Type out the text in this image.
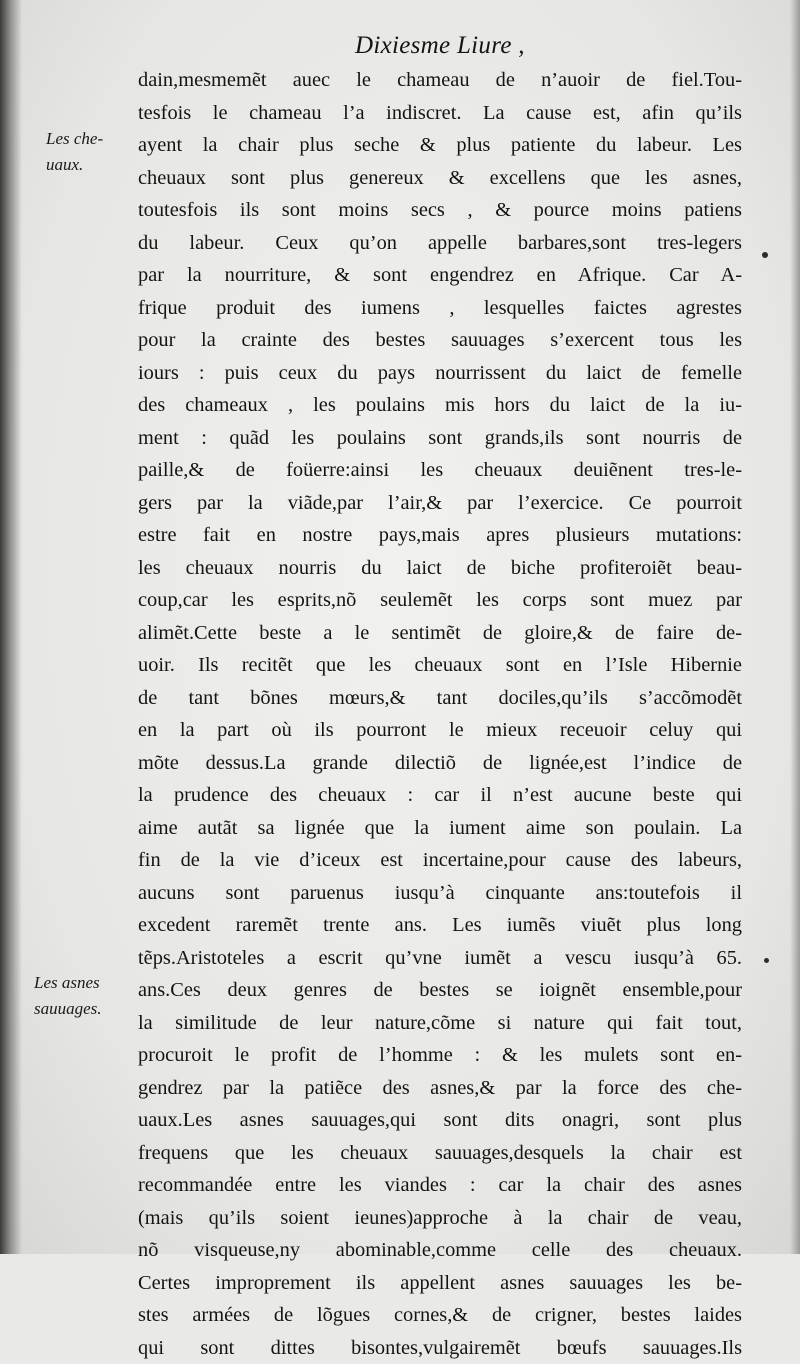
Dixiesme Liure ,
Les che-
uaux.
Les asnes
sauuages.
dain,mesmemẽt auec le chameau de n’auoir de fiel.Tou-
tesfois le chameau l’a indiscret. La cause est, afin qu’ils
ayent la chair plus seche & plus patiente du labeur. Les
cheuaux sont plus genereux & excellens que les asnes,
toutesfois ils sont moins secs , & pource moins patiens
du labeur. Ceux qu’on appelle barbares,sont tres-legers
par la nourriture, & sont engendrez en Afrique. Car A-
frique produit des iumens , lesquelles faictes agrestes
pour la crainte des bestes sauuages s’exercent tous les
iours : puis ceux du pays nourrissent du laict de femelle
des chameaux , les poulains mis hors du laict de la iu-
ment : quãd les poulains sont grands,ils sont nourris de
paille,& de foüerre:ainsi les cheuaux deuiẽnent tres-le-
gers par la viãde,par l’air,& par l’exercice. Ce pourroit
estre fait en nostre pays,mais apres plusieurs mutations:
les cheuaux nourris du laict de biche profiteroiẽt beau-
coup,car les esprits,nõ seulemẽt les corps sont muez par
alimẽt.Cette beste a le sentimẽt de gloire,& de faire de-
uoir. Ils recitẽt que les cheuaux sont en l’Isle Hibernie
de tant bõnes mœurs,& tant dociles,qu’ils s’accõmodẽt
en la part où ils pourront le mieux receuoir celuy qui
mõte dessus.La grande dilectiõ de lignée,est l’indice de
la prudence des cheuaux : car il n’est aucune beste qui
aime autãt sa lignée que la iument aime son poulain. La
fin de la vie d’iceux est incertaine,pour cause des labeurs,
aucuns sont paruenus iusqu’à cinquante ans:toutefois il
excedent raremẽt trente ans. Les iumẽs viuẽt plus long
tẽps.Aristoteles a escrit qu’vne iumẽt a vescu iusqu’à 65.
ans.Ces deux genres de bestes se ioignẽt ensemble,pour
la similitude de leur nature,cõme si nature qui fait tout,
procuroit le profit de l’homme : & les mulets sont en-
gendrez par la patiẽce des asnes,& par la force des che-
uaux.Les asnes sauuages,qui sont dits onagri, sont plus
frequens que les cheuaux sauuages,desquels la chair est
recommandée entre les viandes : car la chair des asnes
(mais qu’ils soient ieunes)approche à la chair de veau,
nõ visqueuse,ny abominable,comme celle des cheuaux.
Certes improprement ils appellent asnes sauuages les be-
stes armées de lõgues cornes,& de crigner, bestes laides
qui sont dittes bisontes,vulgairemẽt bœufs sauuages.Ils
